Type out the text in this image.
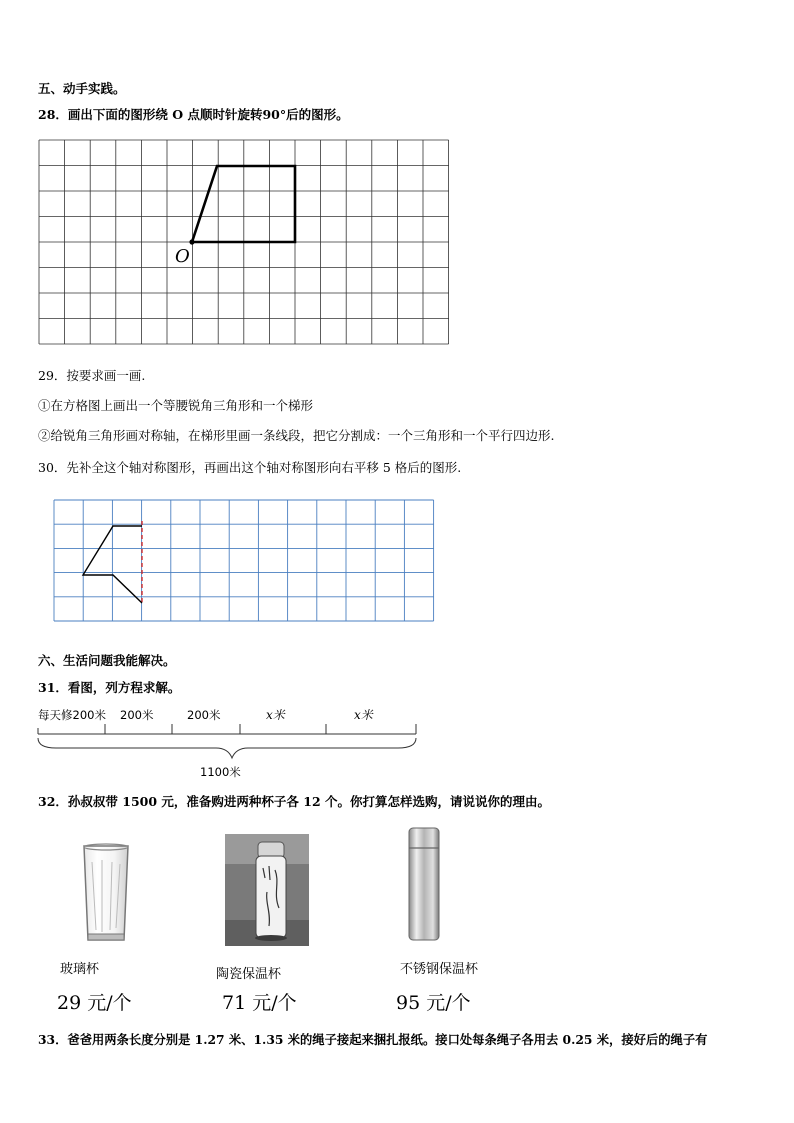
五、动手实践。
28．画出下面的图形绕 O 点顺时针旋转90°后的图形。
O
29．按要求画一画.
①在方格图上画出一个等腰锐角三角形和一个梯形
②给锐角三角形画对称轴，在梯形里画一条线段，把它分割成：一个三角形和一个平行四边形.
30．先补全这个轴对称图形，再画出这个轴对称图形向右平移 5 格后的图形.
六、生活问题我能解决。
31．看图，列方程求解。
每天修200米 200米	200米	x米	x米
1100米
32．孙叔叔带 1500 元，准备购进两种杯子各 12 个。你打算怎样选购，请说说你的理由。
玻璃杯	陶瓷保温杯	不锈钢保温杯
29 元/个	71 元/个	95 元/个
33．爸爸用两条长度分别是 1.27 米、1.35 米的绳子接起来捆扎报纸。接口处每条绳子各用去 0.25 米，接好后的绳子有
